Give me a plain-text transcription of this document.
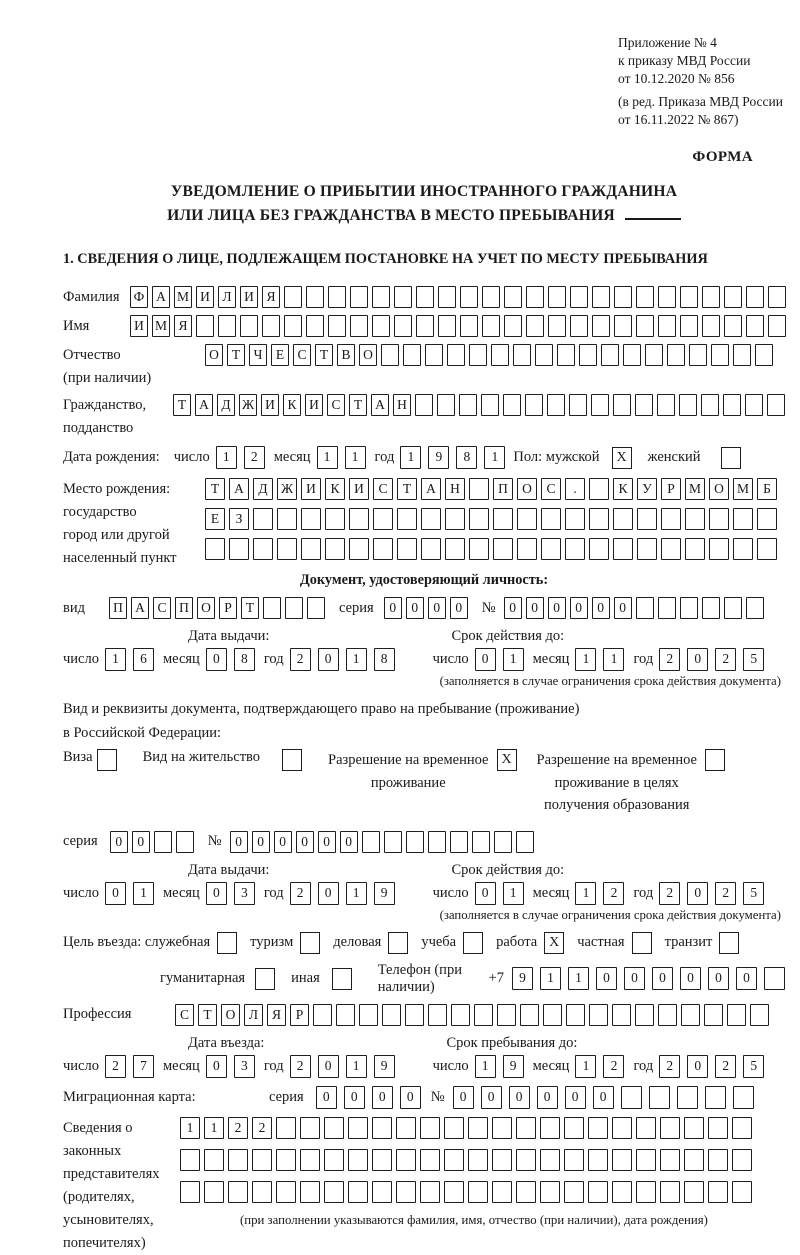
Приложение № 4
к приказу МВД России
от 10.12.2020 № 856
(в ред. Приказа МВД России
от 16.11.2022 № 867)
ФОРМА
УВЕДОМЛЕНИЕ О ПРИБЫТИИ ИНОСТРАННОГО ГРАЖДАНИНА
ИЛИ ЛИЦА БЕЗ ГРАЖДАНСТВА В МЕСТО ПРЕБЫВАНИЯ
1. СВЕДЕНИЯ О ЛИЦЕ, ПОДЛЕЖАЩЕМ ПОСТАНОВКЕ НА УЧЕТ ПО МЕСТУ ПРЕБЫВАНИЯ
Фамилия	Ф А М И Л И Я
Имя	И М Я
Отчество
(при наличии)
О Т Ч Е С Т В О
Гражданство,
подданство
Т А Д Ж И К И С Т А Н
Дата рождения: число 1	2	месяц 1	1	год 1	9	8	1	Пол: мужской	X	женский
Место рождения:
государство
город или другой
населенный пункт
Т	А	Д Ж И	К	И	С	Т	А	Н	П	О	С	.	К	У	Р	М О М	Б
Е	З
Документ, удостоверяющий личность:
вид	П А С П О Р	Т	серия	0	0	0	0	№	0	0	0	0	0	0
Дата выдачи:	Срок действия до:
число 1	6	месяц 0	8	год 2	0	1	8	число 0	1	месяц 1	1	год 2	0	2	5
(заполняется в случае ограничения срока действия документа)
Вид и реквизиты документа, подтверждающего право на пребывание (проживание)
в Российской Федерации:
Виза	Вид на жительство	Разрешение на временное
проживание
X	Разрешение на временное
проживание в целях
получения образования
серия	0	0	№	0	0	0	0	0	0
Дата выдачи:	Срок действия до:
число 0	1	месяц 0	3	год 2	0	1	9	число 0	1	месяц 1	2	год 2	0	2	5
(заполняется в случае ограничения срока действия документа)
Цель въезда: служебная	туризм	деловая	учеба	работа X	частная	транзит
гуманитарная	иная
Телефон (при наличии)
+7	9	1	1	0	0	0	0	0	0
Профессия	С	Т	О	Л	Я	Р
Дата въезда:	Срок пребывания до:
число 2	7	месяц 0	3	год 2	0	1	9	число 1	9	месяц 1	2	год 2	0	2	5
Миграционная карта:	серия	0	0	0	0	№	0	0	0	0	0	0
Сведения о
законных
представителях
(родителях,
усыновителях,
попечителях)
1	1	2	2
(при заполнении указываются фамилия, имя, отчество (при наличии), дата рождения)
